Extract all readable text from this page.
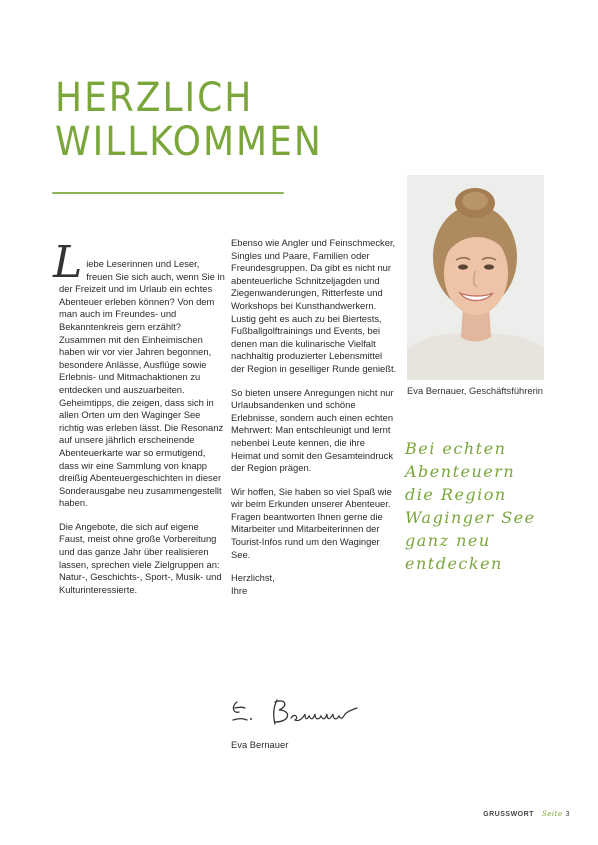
HERZLICH
WILLKOMMEN

Liebe Leserinnen und Leser, freuen Sie sich auch, wenn Sie in der Freizeit und im Urlaub ein echtes Abenteuer erleben können? Von dem man auch im Freundes- und Bekanntenkreis gern erzählt? Zusammen mit den Einheimischen haben wir vor vier Jahren begonnen, besondere Anlässe, Ausflüge sowie Erlebnis- und Mitmachaktionen zu entdecken und auszuarbeiten. Geheimtipps, die zeigen, dass sich in allen Orten um den Waginger See richtig was erleben lässt. Die Resonanz auf unsere jährlich erscheinende Abenteuerkarte war so ermutigend, dass wir eine Sammlung von knapp dreißig Abenteuergeschichten in dieser Sonderausgabe neu zusammengestellt haben.

Die Angebote, die sich auf eigene Faust, meist ohne große Vorbereitung und das ganze Jahr über realisieren lassen, sprechen viele Zielgruppen an: Natur-, Geschichts-, Sport-, Musik- und Kulturinteressierte.

Ebenso wie Angler und Feinschmecker, Singles und Paare, Familien oder Freundesgruppen. Da gibt es nicht nur abenteuerliche Schnitzeljagden und Ziegenwanderungen, Ritterfeste und Workshops bei Kunsthandwerkern. Lustig geht es auch zu bei Biertests, Fußballgolftrainings und Events, bei denen man die kulinarische Vielfalt nachhaltig produzierter Lebensmittel der Region in geselliger Runde genießt.

So bieten unsere Anregungen nicht nur Urlaubsandenken und schöne Erlebnisse, sondern auch einen echten Mehrwert: Man entschleunigt und lernt nebenbei Leute kennen, die ihre Heimat und somit den Gesamteindruck der Region prägen.

Wir hoffen, Sie haben so viel Spaß wie wir beim Erkunden unserer Abenteuer. Fragen beantworten Ihnen gerne die Mitarbeiter und Mitarbeiterinnen der Tourist-Infos rund um den Waginger See.

Herzlichst,
Ihre

Eva Bernauer
Eva Bernauer, Geschäftsführerin
Bei echten
Abenteuern
die Region
Waginger See
ganz neu
entdecken
GRUSSWORT Seite 3
